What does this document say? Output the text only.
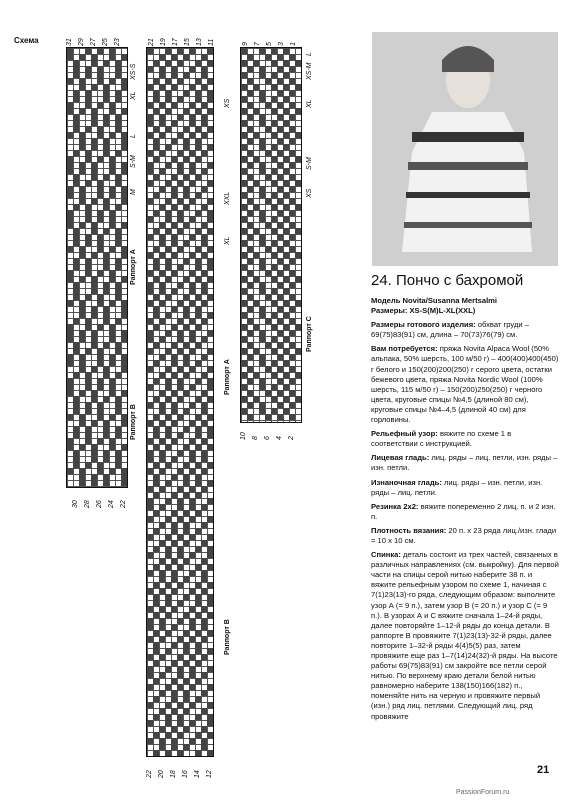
Схема	31 29 27 25 23	21 19 17 15 13 11	9 7 5 3 1
30 28 26 24 22
22 20 18 16 14 12
10 8 6 4 2
XS-S
XL
L
S-M
M
XS
XXL
XL
L
XS-M
XL
S-M
XS
Раппорт А
Раппорт В
Раппорт А
Раппорт В
Раппорт С
24. Пончо с бахромой

Модель Novita/Susanna Mertsalmi
Размеры: XS-S(M)L-XL(XXL)

Размеры готового изделия: обхват груди – 69(75)83(91) см, длина – 70(73)76(79) см.

Вам потребуется: пряжа Novita Alpaca Wool (50% альпака, 50% шерсть, 100 м/50 г) – 400(400)400(450) г белого и 150(200)200(250) г серого цвета, остатки бежевого цвета, пряжа Novita Nordic Wool (100% шерсть, 115 м/50 г) – 150(200)250(250) г черного цвета, круговые спицы №4,5 (длиной 80 см), круговые спицы №4–4,5 (длиной 40 см) для горловины.

Рельефный узор: вяжите по схеме 1 в соответствии с инструкцией.

Лицевая гладь: лиц. ряды – лиц. петли, изн. ряды – изн. петли.

Изнаночная гладь: лиц. ряды – изн. петли, изн. ряды – лиц. петли.

Резинка 2х2: вяжите попеременно 2 лиц. п. и 2 изн. п.

Плотность вязания: 20 п. х 23 ряда лиц./изн. глади = 10 х 10 см.

Спинка: деталь состоит из трех частей, связанных в различных направлениях (см. выкройку). Для первой части на спицы серой нитью наберите 38 п. и вяжите рельефным узором по схеме 1, начиная с 7(1)23(13)-го ряда, следующим образом: выполните узор А (= 9 п.), затем узор В (= 20 п.) и узор С (= 9 п.). В узорах А и С вяжите сначала 1–24-й ряды, далее повторяйте 1–12-й ряды до конца детали. В раппорте В провяжите 7(1)23(13)-32-й ряды, далее повторите 1–32-й ряды 4(4)5(5) раз, затем провяжите еще раз 1–7(14)24(32)-й ряды. На высоте работы 69(75)83(91) см закройте все петли серой нитью. По верхнему краю детали белой нитью равномерно наберите 138(150)166(182) п., поменяйте нить на черную и провяжите первый (изн.) ряд лиц. петлями. Следующий лиц. ряд провяжите

21
PassionForum.ru
